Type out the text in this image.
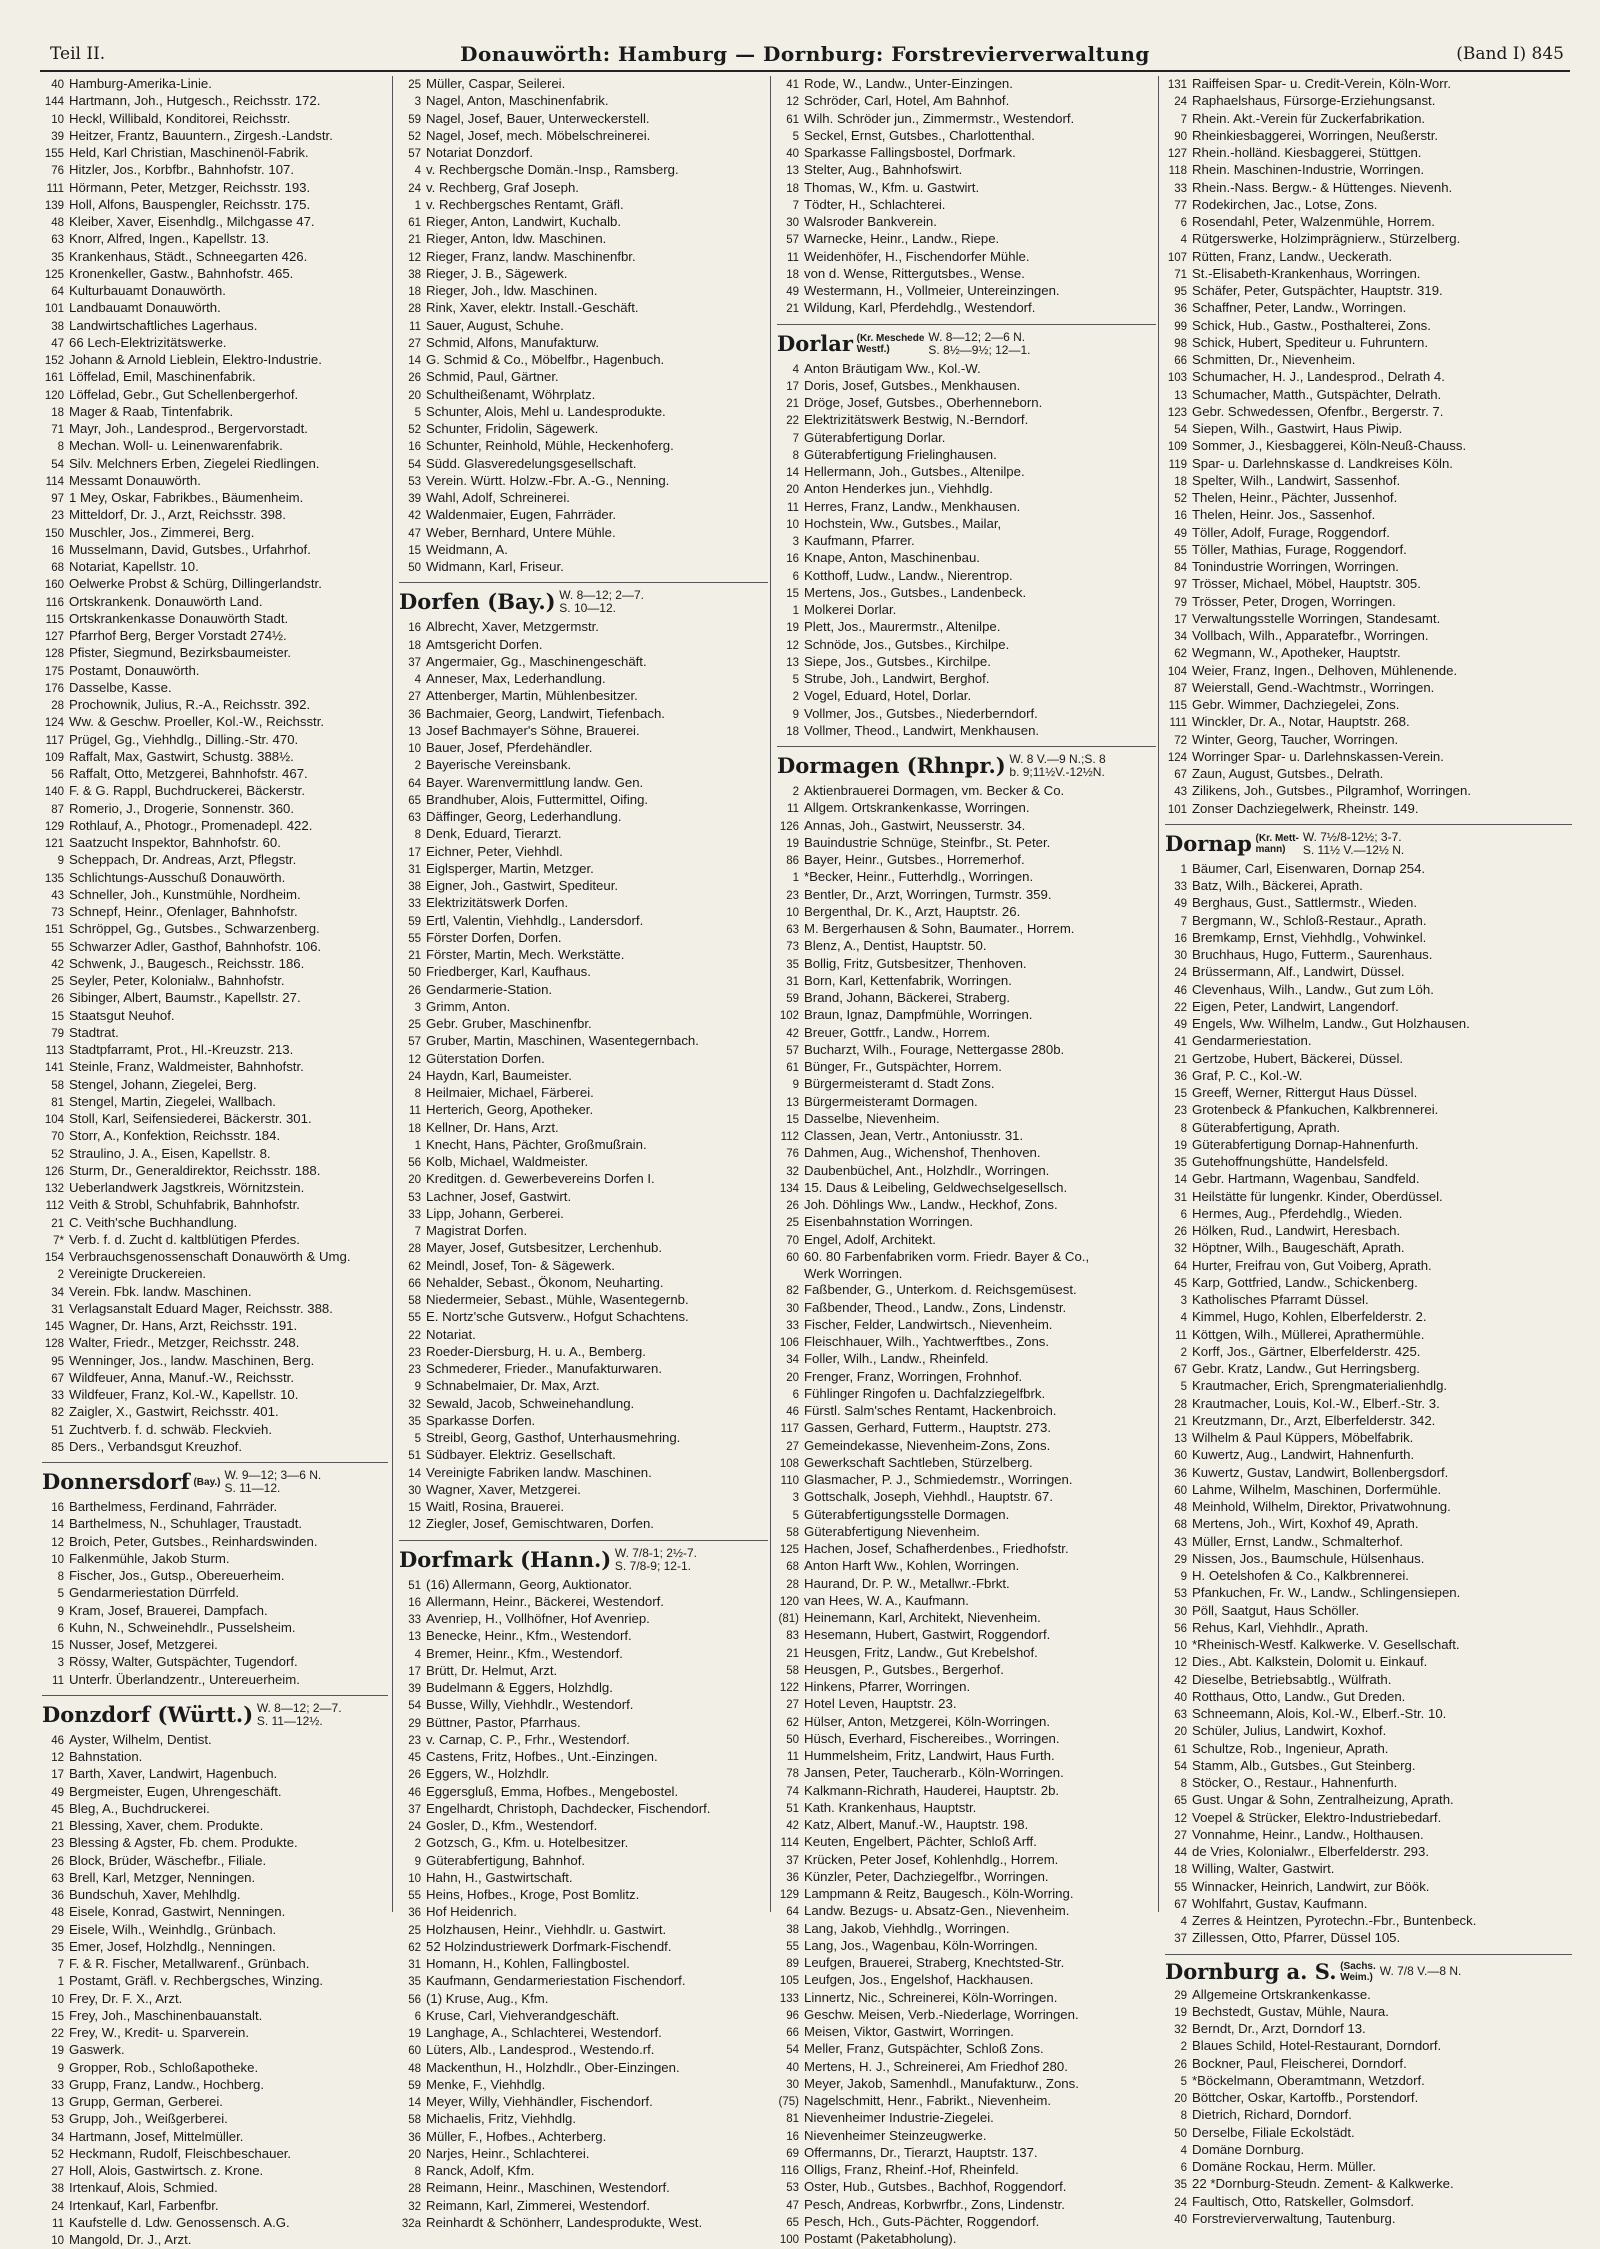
Teil II.	Donauwörth: Hamburg — Dornburg: Forstrevierverwaltung	(Band I) 845
40 Hamburg-Amerika-Linie.
144 Hartmann, Joh., Hutgesch., Reichsstr. 172.
10 Heckl, Willibald, Konditorei, Reichsstr.
39 Heitzer, Frantz, Bauuntern., Zirgesh.-Landstr.
155 Held, Karl Christian, Maschinenöl-Fabrik.
76 Hitzler, Jos., Korbfbr., Bahnhofstr. 107.
111 Hörmann, Peter, Metzger, Reichsstr. 193.
139 Holl, Alfons, Bauspengler, Reichsstr. 175.
48 Kleiber, Xaver, Eisenhdlg., Milchgasse 47.
63 Knorr, Alfred, Ingen., Kapellstr. 13.
35 Krankenhaus, Städt., Schneegarten 426.
125 Kronenkeller, Gastw., Bahnhofstr. 465.
64 Kulturbauamt Donauwörth.
101 Landbauamt Donauwörth.
38 Landwirtschaftliches Lagerhaus.
47 66 Lech-Elektrizitätswerke.
152 Johann & Arnold Lieblein, Elektro-Industrie.
161 Löffelad, Emil, Maschinenfabrik.
120 Löffelad, Gebr., Gut Schellenbergerhof.
18 Mager & Raab, Tintenfabrik.
71 Mayr, Joh., Landesprod., Bergervorstadt.
8 Mechan. Woll- u. Leinenwarenfabrik.
54 Silv. Melchners Erben, Ziegelei Riedlingen.
114 Messamt Donauwörth.
97 1 Mey, Oskar, Fabrikbes., Bäumenheim.
23 Mitteldorf, Dr. J., Arzt, Reichsstr. 398.
150 Muschler, Jos., Zimmerei, Berg.
16 Musselmann, David, Gutsbes., Urfahrhof.
68 Notariat, Kapellstr. 10.
160 Oelwerke Probst & Schürg, Dillingerlandstr.
116 Ortskrankenk. Donauwörth Land.
115 Ortskrankenkasse Donauwörth Stadt.
127 Pfarrhof Berg, Berger Vorstadt 274½.
128 Pfister, Siegmund, Bezirksbaumeister.
175 Postamt, Donauwörth.
176 Dasselbe, Kasse.
28 Prochownik, Julius, R.-A., Reichsstr. 392.
124 Ww. & Geschw. Proeller, Kol.-W., Reichsstr.
117 Prügel, Gg., Viehhdlg., Dilling.-Str. 470.
109 Raffalt, Max, Gastwirt, Schustg. 388½.
56 Raffalt, Otto, Metzgerei, Bahnhofstr. 467.
140 F. & G. Rappl, Buchdruckerei, Bäckerstr.
87 Romerio, J., Drogerie, Sonnenstr. 360.
129 Rothlauf, A., Photogr., Promenadepl. 422.
121 Saatzucht Inspektor, Bahnhofstr. 60.
9 Scheppach, Dr. Andreas, Arzt, Pflegstr.
135 Schlichtungs-Ausschuß Donauwörth.
43 Schneller, Joh., Kunstmühle, Nordheim.
73 Schnepf, Heinr., Ofenlager, Bahnhofstr.
151 Schröppel, Gg., Gutsbes., Schwarzenberg.
55 Schwarzer Adler, Gasthof, Bahnhofstr. 106.
42 Schwenk, J., Baugesch., Reichsstr. 186.
25 Seyler, Peter, Kolonialw., Bahnhofstr.
26 Sibinger, Albert, Baumstr., Kapellstr. 27.
15 Staatsgut Neuhof.
79 Stadtrat.
113 Stadtpfarramt, Prot., Hl.-Kreuzstr. 213.
141 Steinle, Franz, Waldmeister, Bahnhofstr.
58 Stengel, Johann, Ziegelei, Berg.
81 Stengel, Martin, Ziegelei, Wallbach.
104 Stoll, Karl, Seifensiederei, Bäckerstr. 301.
70 Storr, A., Konfektion, Reichsstr. 184.
52 Straulino, J. A., Eisen, Kapellstr. 8.
126 Sturm, Dr., Generaldirektor, Reichsstr. 188.
132 Ueberlandwerk Jagstkreis, Wörnitzstein.
112 Veith & Strobl, Schuhfabrik, Bahnhofstr.
21 C. Veith'sche Buchhandlung.
7* Verb. f. d. Zucht d. kaltblütigen Pferdes.
154 Verbrauchsgenossenschaft Donauwörth & Umg.
2 Vereinigte Druckereien.
34 Verein. Fbk. landw. Maschinen.
31 Verlagsanstalt Eduard Mager, Reichsstr. 388.
145 Wagner, Dr. Hans, Arzt, Reichsstr. 191.
128 Walter, Friedr., Metzger, Reichsstr. 248.
95 Wenninger, Jos., landw. Maschinen, Berg.
67 Wildfeuer, Anna, Manuf.-W., Reichsstr.
33 Wildfeuer, Franz, Kol.-W., Kapellstr. 10.
82 Zaigler, X., Gastwirt, Reichsstr. 401.
51 Zuchtverb. f. d. schwäb. Fleckvieh.
85 Ders., Verbandsgut Kreuzhof.
Donnersdorf (Bay.) W. 9—12; 3—6 N.
S. 11—12.
16 Barthelmess, Ferdinand, Fahrräder.
14 Barthelmess, N., Schuhlager, Traustadt.
12 Broich, Peter, Gutsbes., Reinhardswinden.
10 Falkenmühle, Jakob Sturm.
8 Fischer, Jos., Gutsp., Obereuerheim.
5 Gendarmeriestation Dürrfeld.
9 Kram, Josef, Brauerei, Dampfach.
6 Kuhn, N., Schweinehdlr., Pusselsheim.
15 Nusser, Josef, Metzgerei.
3 Rössy, Walter, Gutspächter, Tugendorf.
11 Unterfr. Überlandzentr., Untereuerheim.
Donzdorf (Württ.) W. 8—12; 2—7.
S. 11—12½.
46 Ayster, Wilhelm, Dentist.
12 Bahnstation.
17 Barth, Xaver, Landwirt, Hagenbuch.
49 Bergmeister, Eugen, Uhrengeschäft.
45 Bleg, A., Buchdruckerei.
21 Blessing, Xaver, chem. Produkte.
23 Blessing & Agster, Fb. chem. Produkte.
26 Block, Brüder, Wäschefbr., Filiale.
63 Brell, Karl, Metzger, Nenningen.
36 Bundschuh, Xaver, Mehlhdlg.
48 Eisele, Konrad, Gastwirt, Nenningen.
29 Eisele, Wilh., Weinhdlg., Grünbach.
35 Emer, Josef, Holzhdlg., Nenningen.
7 F. & R. Fischer, Metallwarenf., Grünbach.
1 Postamt, Gräfl. v. Rechbergsches, Winzing.
10 Frey, Dr. F. X., Arzt.
15 Frey, Joh., Maschinenbauanstalt.
22 Frey, W., Kredit- u. Sparverein.
19 Gaswerk.
9 Gropper, Rob., Schloßapotheke.
33 Grupp, Franz, Landw., Hochberg.
13 Grupp, German, Gerberei.
53 Grupp, Joh., Weißgerberei.
34 Hartmann, Josef, Mittelmüller.
52 Heckmann, Rudolf, Fleischbeschauer.
27 Holl, Alois, Gastwirtsch. z. Krone.
38 Irtenkauf, Alois, Schmied.
24 Irtenkauf, Karl, Farbenfbr.
11 Kaufstelle d. Ldw. Genossensch. A.G.
10 Mangold, Dr. J., Arzt.
25 Müller, Caspar, Seilerei.
3 Nagel, Anton, Maschinenfabrik.
59 Nagel, Josef, Bauer, Unterweckerstell.
52 Nagel, Josef, mech. Möbelschreinerei.
57 Notariat Donzdorf.
4 v. Rechbergsche Domän.-Insp., Ramsberg.
24 v. Rechberg, Graf Joseph.
1 v. Rechbergsches Rentamt, Gräfl.
61 Rieger, Anton, Landwirt, Kuchalb.
21 Rieger, Anton, ldw. Maschinen.
12 Rieger, Franz, landw. Maschinenfbr.
38 Rieger, J. B., Sägewerk.
18 Rieger, Joh., ldw. Maschinen.
28 Rink, Xaver, elektr. Install.-Geschäft.
11 Sauer, August, Schuhe.
27 Schmid, Alfons, Manufakturw.
14 G. Schmid & Co., Möbelfbr., Hagenbuch.
26 Schmid, Paul, Gärtner.
20 Schultheißenamt, Wöhrplatz.
5 Schunter, Alois, Mehl u. Landesprodukte.
52 Schunter, Fridolin, Sägewerk.
16 Schunter, Reinhold, Mühle, Heckenhoferg.
54 Südd. Glasveredelungsgesellschaft.
53 Verein. Württ. Holzw.-Fbr. A.-G., Nenning.
39 Wahl, Adolf, Schreinerei.
42 Waldenmaier, Eugen, Fahrräder.
47 Weber, Bernhard, Untere Mühle.
15 Weidmann, A.
50 Widmann, Karl, Friseur.
Dorfen (Bay.) W. 8—12; 2—7.
S. 10—12.
16 Albrecht, Xaver, Metzgermstr.
18 Amtsgericht Dorfen.
37 Angermaier, Gg., Maschinengeschäft.
4 Anneser, Max, Lederhandlung.
27 Attenberger, Martin, Mühlenbesitzer.
36 Bachmaier, Georg, Landwirt, Tiefenbach.
13 Josef Bachmayer's Söhne, Brauerei.
10 Bauer, Josef, Pferdehändler.
2 Bayerische Vereinsbank.
64 Bayer. Warenvermittlung landw. Gen.
65 Brandhuber, Alois, Futtermittel, Oifing.
63 Däffinger, Georg, Lederhandlung.
8 Denk, Eduard, Tierarzt.
17 Eichner, Peter, Viehhdl.
31 Eiglsperger, Martin, Metzger.
38 Eigner, Joh., Gastwirt, Spediteur.
33 Elektrizitätswerk Dorfen.
59 Ertl, Valentin, Viehhdlg., Landersdorf.
55 Förster Dorfen, Dorfen.
21 Förster, Martin, Mech. Werkstätte.
50 Friedberger, Karl, Kaufhaus.
26 Gendarmerie-Station.
3 Grimm, Anton.
25 Gebr. Gruber, Maschinenfbr.
57 Gruber, Martin, Maschinen, Wasentegernbach.
12 Güterstation Dorfen.
24 Haydn, Karl, Baumeister.
8 Heilmaier, Michael, Färberei.
11 Herterich, Georg, Apotheker.
18 Kellner, Dr. Hans, Arzt.
1 Knecht, Hans, Pächter, Großmußrain.
56 Kolb, Michael, Waldmeister.
20 Kreditgen. d. Gewerbevereins Dorfen I.
53 Lachner, Josef, Gastwirt.
33 Lipp, Johann, Gerberei.
7 Magistrat Dorfen.
28 Mayer, Josef, Gutsbesitzer, Lerchenhub.
62 Meindl, Josef, Ton- & Sägewerk.
66 Nehalder, Sebast., Ökonom, Neuharting.
58 Niedermeier, Sebast., Mühle, Wasentegernb.
55 E. Nortz'sche Gutsverw., Hofgut Schachtens.
22 Notariat.
23 Roeder-Diersburg, H. u. A., Bemberg.
23 Schmederer, Frieder., Manufakturwaren.
9 Schnabelmaier, Dr. Max, Arzt.
32 Sewald, Jacob, Schweinehandlung.
35 Sparkasse Dorfen.
5 Streibl, Georg, Gasthof, Unterhausmehring.
51 Südbayer. Elektriz. Gesellschaft.
14 Vereinigte Fabriken landw. Maschinen.
30 Wagner, Xaver, Metzgerei.
15 Waitl, Rosina, Brauerei.
12 Ziegler, Josef, Gemischtwaren, Dorfen.
Dorfmark (Hann.) W. 7/8-1; 2½-7.
S. 7/8-9; 12-1.
51 (16) Allermann, Georg, Auktionator.
16 Allermann, Heinr., Bäckerei, Westendorf.
33 Avenriep, H., Vollhöfner, Hof Avenriep.
13 Benecke, Heinr., Kfm., Westendorf.
4 Bremer, Heinr., Kfm., Westendorf.
17 Brütt, Dr. Helmut, Arzt.
39 Budelmann & Eggers, Holzhdlg.
54 Busse, Willy, Viehhdlr., Westendorf.
29 Büttner, Pastor, Pfarrhaus.
23 v. Carnap, C. P., Frhr., Westendorf.
45 Castens, Fritz, Hofbes., Unt.-Einzingen.
26 Eggers, W., Holzhdlr.
46 Eggersgluß, Emma, Hofbes., Mengebostel.
37 Engelhardt, Christoph, Dachdecker, Fischendorf.
24 Gosler, D., Kfm., Westendorf.
2 Gotzsch, G., Kfm. u. Hotelbesitzer.
9 Güterabfertigung, Bahnhof.
10 Hahn, H., Gastwirtschaft.
55 Heins, Hofbes., Kroge, Post Bomlitz.
36 Hof Heidenrich.
25 Holzhausen, Heinr., Viehhdlr. u. Gastwirt.
62 52 Holzindustriewerk Dorfmark-Fischendf.
31 Homann, H., Kohlen, Fallingbostel.
35 Kaufmann, Gendarmeriestation Fischendorf.
56 (1) Kruse, Aug., Kfm.
6 Kruse, Carl, Viehverandgeschäft.
19 Langhage, A., Schlachterei, Westendorf.
60 Lüters, Alb., Landesprod., Westendo.rf.
48 Mackenthun, H., Holzhdlr., Ober-Einzingen.
59 Menke, F., Viehhdlg.
14 Meyer, Willy, Viehhändler, Fischendorf.
58 Michaelis, Fritz, Viehhdlg.
36 Müller, F., Hofbes., Achterberg.
20 Narjes, Heinr., Schlachterei.
8 Ranck, Adolf, Kfm.
28 Reimann, Heinr., Maschinen, Westendorf.
32 Reimann, Karl, Zimmerei, Westendorf.
32a Reinhardt & Schönherr, Landesprodukte, West.
41 Rode, W., Landw., Unter-Einzingen.
12 Schröder, Carl, Hotel, Am Bahnhof.
61 Wilh. Schröder jun., Zimmermstr., Westendorf.
5 Seckel, Ernst, Gutsbes., Charlottenthal.
40 Sparkasse Fallingsbostel, Dorfmark.
13 Stelter, Aug., Bahnhofswirt.
18 Thomas, W., Kfm. u. Gastwirt.
7 Tödter, H., Schlachterei.
30 Walsroder Bankverein.
57 Warnecke, Heinr., Landw., Riepe.
11 Weidenhöfer, H., Fischendorfer Mühle.
18 von d. Wense, Rittergutsbes., Wense.
49 Westermann, H., Vollmeier, Untereinzingen.
21 Wildung, Karl, Pferdehdlg., Westendorf.
Dorlar (Kr. Meschede
Westf.)W. 8—12; 2—6 N.
S. 8½—9½; 12—1.
4 Anton Bräutigam Ww., Kol.-W.
17 Doris, Josef, Gutsbes., Menkhausen.
21 Dröge, Josef, Gutsbes., Oberhenneborn.
22 Elektrizitätswerk Bestwig, N.-Berndorf.
7 Güterabfertigung Dorlar.
8 Güterabfertigung Frielinghausen.
14 Hellermann, Joh., Gutsbes., Altenilpe.
20 Anton Henderkes jun., Viehhdlg.
11 Herres, Franz, Landw., Menkhausen.
10 Hochstein, Ww., Gutsbes., Mailar,
3 Kaufmann, Pfarrer.
16 Knape, Anton, Maschinenbau.
6 Kotthoff, Ludw., Landw., Nierentrop.
15 Mertens, Jos., Gutsbes., Landenbeck.
1 Molkerei Dorlar.
19 Plett, Jos., Maurermstr., Altenilpe.
12 Schnöde, Jos., Gutsbes., Kirchilpe.
13 Siepe, Jos., Gutsbes., Kirchilpe.
5 Strube, Joh., Landwirt, Berghof.
2 Vogel, Eduard, Hotel, Dorlar.
9 Vollmer, Jos., Gutsbes., Niederberndorf.
18 Vollmer, Theod., Landwirt, Menkhausen.
Dormagen (Rhnpr.) W. 8 V.—9 N.;S. 8
b. 9;11½V.-12½N.
2 Aktienbrauerei Dormagen, vm. Becker & Co.
11 Allgem. Ortskrankenkasse, Worringen.
126 Annas, Joh., Gastwirt, Neusserstr. 34.
19 Bauindustrie Schnüge, Steinfbr., St. Peter.
86 Bayer, Heinr., Gutsbes., Horremerhof.
1 *Becker, Heinr., Futterhdlg., Worringen.
23 Bentler, Dr., Arzt, Worringen, Turmstr. 359.
10 Bergenthal, Dr. K., Arzt, Hauptstr. 26.
63 M. Bergerhausen & Sohn, Baumater., Horrem.
73 Blenz, A., Dentist, Hauptstr. 50.
35 Bollig, Fritz, Gutsbesitzer, Thenhoven.
31 Born, Karl, Kettenfabrik, Worringen.
59 Brand, Johann, Bäckerei, Straberg.
102 Braun, Ignaz, Dampfmühle, Worringen.
42 Breuer, Gottfr., Landw., Horrem.
57 Bucharzt, Wilh., Fourage, Nettergasse 280b.
61 Bünger, Fr., Gutspächter, Horrem.
9 Bürgermeisteramt d. Stadt Zons.
13 Bürgermeisteramt Dormagen.
15 Dasselbe, Nievenheim.
112 Classen, Jean, Vertr., Antoniusstr. 31.
76 Dahmen, Aug., Wichenshof, Thenhoven.
32 Daubenbüchel, Ant., Holzhdlr., Worringen.
134 15. Daus & Leibeling, Geldwechselgesellsch.
26 Joh. Döhlings Ww., Landw., Heckhof, Zons.
25 Eisenbahnstation Worringen.
70 Engel, Adolf, Architekt.
60 60. 80 Farbenfabriken vorm. Friedr. Bayer & Co.,
Werk Worringen.
82 Faßbender, G., Unterkom. d. Reichsgemüsest.
30 Faßbender, Theod., Landw., Zons, Lindenstr.
33 Fischer, Felder, Landwirtsch., Nievenheim.
106 Fleischhauer, Wilh., Yachtwerftbes., Zons.
34 Foller, Wilh., Landw., Rheinfeld.
20 Frenger, Franz, Worringen, Frohnhof.
6 Fühlinger Ringofen u. Dachfalzziegelfbrk.
46 Fürstl. Salm'sches Rentamt, Hackenbroich.
117 Gassen, Gerhard, Futterm., Hauptstr. 273.
27 Gemeindekasse, Nievenheim-Zons, Zons.
108 Gewerkschaft Sachtleben, Stürzelberg.
110 Glasmacher, P. J., Schmiedemstr., Worringen.
3 Gottschalk, Joseph, Viehhdl., Hauptstr. 67.
5 Güterabfertigungsstelle Dormagen.
58 Güterabfertigung Nievenheim.
125 Hachen, Josef, Schafherdenbes., Friedhofstr.
68 Anton Harft Ww., Kohlen, Worringen.
28 Haurand, Dr. P. W., Metallwr.-Fbrkt.
120 van Hees, W. A., Kaufmann.
(81) Heinemann, Karl, Architekt, Nievenheim.
83 Hesemann, Hubert, Gastwirt, Roggendorf.
21 Heusgen, Fritz, Landw., Gut Krebelshof.
58 Heusgen, P., Gutsbes., Bergerhof.
122 Hinkens, Pfarrer, Worringen.
27 Hotel Leven, Hauptstr. 23.
62 Hülser, Anton, Metzgerei, Köln-Worringen.
50 Hüsch, Everhard, Fischereibes., Worringen.
11 Hummelsheim, Fritz, Landwirt, Haus Furth.
78 Jansen, Peter, Taucherarb., Köln-Worringen.
74 Kalkmann-Richrath, Hauderei, Hauptstr. 2b.
51 Kath. Krankenhaus, Hauptstr.
42 Katz, Albert, Manuf.-W., Hauptstr. 198.
114 Keuten, Engelbert, Pächter, Schloß Arff.
37 Krücken, Peter Josef, Kohlenhdlg., Horrem.
36 Künzler, Peter, Dachziegelfbr., Worringen.
129 Lampmann & Reitz, Baugesch., Köln-Worring.
64 Landw. Bezugs- u. Absatz-Gen., Nievenheim.
38 Lang, Jakob, Viehhdlg., Worringen.
55 Lang, Jos., Wagenbau, Köln-Worringen.
89 Leufgen, Brauerei, Straberg, Knechtsted-Str.
105 Leufgen, Jos., Engelshof, Hackhausen.
133 Linnertz, Nic., Schreinerei, Köln-Worringen.
96 Geschw. Meisen, Verb.-Niederlage, Worringen.
66 Meisen, Viktor, Gastwirt, Worringen.
54 Meller, Franz, Gutspächter, Schloß Zons.
40 Mertens, H. J., Schreinerei, Am Friedhof 280.
30 Meyer, Jakob, Samenhdl., Manufakturw., Zons.
(75) Nagelschmitt, Henr., Fabrikt., Nievenheim.
81 Nievenheimer Industrie-Ziegelei.
16 Nievenheimer Steinzeugwerke.
69 Offermanns, Dr., Tierarzt, Hauptstr. 137.
116 Olligs, Franz, Rheinf.-Hof, Rheinfeld.
53 Oster, Hub., Gutsbes., Bachhof, Roggendorf.
47 Pesch, Andreas, Korbwrfbr., Zons, Lindenstr.
65 Pesch, Hch., Guts-Pächter, Roggendorf.
100 Postamt (Paketabholung).
131 Raiffeisen Spar- u. Credit-Verein, Köln-Worr.
24 Raphaelshaus, Fürsorge-Erziehungsanst.
7 Rhein. Akt.-Verein für Zuckerfabrikation.
90 Rheinkiesbaggerei, Worringen, Neußerstr.
127 Rhein.-holländ. Kiesbaggerei, Stüttgen.
118 Rhein. Maschinen-Industrie, Worringen.
33 Rhein.-Nass. Bergw.- & Hüttenges. Nievenh.
77 Rodekirchen, Jac., Lotse, Zons.
6 Rosendahl, Peter, Walzenmühle, Horrem.
4 Rütgerswerke, Holzimprägnierw., Stürzelberg.
107 Rütten, Franz, Landw., Ueckerath.
71 St.-Elisabeth-Krankenhaus, Worringen.
95 Schäfer, Peter, Gutspächter, Hauptstr. 319.
36 Schaffner, Peter, Landw., Worringen.
99 Schick, Hub., Gastw., Posthalterei, Zons.
98 Schick, Hubert, Spediteur u. Fuhruntern.
66 Schmitten, Dr., Nievenheim.
103 Schumacher, H. J., Landesprod., Delrath 4.
13 Schumacher, Matth., Gutspächter, Delrath.
123 Gebr. Schwedessen, Ofenfbr., Bergerstr. 7.
54 Siepen, Wilh., Gastwirt, Haus Piwip.
109 Sommer, J., Kiesbaggerei, Köln-Neuß-Chauss.
119 Spar- u. Darlehnskasse d. Landkreises Köln.
18 Spelter, Wilh., Landwirt, Sassenhof.
52 Thelen, Heinr., Pächter, Jussenhof.
16 Thelen, Heinr. Jos., Sassenhof.
49 Töller, Adolf, Furage, Roggendorf.
55 Töller, Mathias, Furage, Roggendorf.
84 Tonindustrie Worringen, Worringen.
97 Trösser, Michael, Möbel, Hauptstr. 305.
79 Trösser, Peter, Drogen, Worringen.
17 Verwaltungsstelle Worringen, Standesamt.
34 Vollbach, Wilh., Apparatefbr., Worringen.
62 Wegmann, W., Apotheker, Hauptstr.
104 Weier, Franz, Ingen., Delhoven, Mühlenende.
87 Weierstall, Gend.-Wachtmstr., Worringen.
115 Gebr. Wimmer, Dachziegelei, Zons.
111 Winckler, Dr. A., Notar, Hauptstr. 268.
72 Winter, Georg, Taucher, Worringen.
124 Worringer Spar- u. Darlehnskassen-Verein.
67 Zaun, August, Gutsbes., Delrath.
43 Zilikens, Joh., Gutsbes., Pilgramhof, Worringen.
101 Zonser Dachziegelwerk, Rheinstr. 149.
Dornap (Kr. Mett-
mann)W. 7½/8-12½; 3-7.
S. 11½ V.—12½ N.
1 Bäumer, Carl, Eisenwaren, Dornap 254.
33 Batz, Wilh., Bäckerei, Aprath.
49 Berghaus, Gust., Sattlermstr., Wieden.
7 Bergmann, W., Schloß-Restaur., Aprath.
16 Bremkamp, Ernst, Viehhdlg., Vohwinkel.
30 Bruchhaus, Hugo, Futterm., Saurenhaus.
24 Brüssermann, Alf., Landwirt, Düssel.
46 Clevenhaus, Wilh., Landw., Gut zum Löh.
22 Eigen, Peter, Landwirt, Langendorf.
49 Engels, Ww. Wilhelm, Landw., Gut Holzhausen.
41 Gendarmeriestation.
21 Gertzobe, Hubert, Bäckerei, Düssel.
36 Graf, P. C., Kol.-W.
15 Greeff, Werner, Rittergut Haus Düssel.
23 Grotenbeck & Pfankuchen, Kalkbrennerei.
8 Güterabfertigung, Aprath.
19 Güterabfertigung Dornap-Hahnenfurth.
35 Gutehoffnungshütte, Handelsfeld.
14 Gebr. Hartmann, Wagenbau, Sandfeld.
31 Heilstätte für lungenkr. Kinder, Oberdüssel.
6 Hermes, Aug., Pferdehdlg., Wieden.
26 Hölken, Rud., Landwirt, Heresbach.
32 Höptner, Wilh., Baugeschäft, Aprath.
64 Hurter, Freifrau von, Gut Voiberg, Aprath.
45 Karp, Gottfried, Landw., Schickenberg.
3 Katholisches Pfarramt Düssel.
4 Kimmel, Hugo, Kohlen, Elberfelderstr. 2.
11 Köttgen, Wilh., Müllerei, Aprathermühle.
2 Korff, Jos., Gärtner, Elberfelderstr. 425.
67 Gebr. Kratz, Landw., Gut Herringsberg.
5 Krautmacher, Erich, Sprengmaterialienhdlg.
28 Krautmacher, Louis, Kol.-W., Elberf.-Str. 3.
21 Kreutzmann, Dr., Arzt, Elberfelderstr. 342.
13 Wilhelm & Paul Küppers, Möbelfabrik.
60 Kuwertz, Aug., Landwirt, Hahnenfurth.
36 Kuwertz, Gustav, Landwirt, Bollenbergsdorf.
60 Lahme, Wilhelm, Maschinen, Dorfermühle.
48 Meinhold, Wilhelm, Direktor, Privatwohnung.
68 Mertens, Joh., Wirt, Koxhof 49, Aprath.
43 Müller, Ernst, Landw., Schmalterhof.
29 Nissen, Jos., Baumschule, Hülsenhaus.
9 H. Oetelshofen & Co., Kalkbrennerei.
53 Pfankuchen, Fr. W., Landw., Schlingensiepen.
30 Pöll, Saatgut, Haus Schöller.
56 Rehus, Karl, Viehhdlr., Aprath.
10 *Rheinisch-Westf. Kalkwerke. V. Gesellschaft.
12 Dies., Abt. Kalkstein, Dolomit u. Einkauf.
42 Dieselbe, Betriebsabtlg., Wülfrath.
40 Rotthaus, Otto, Landw., Gut Dreden.
63 Schneemann, Alois, Kol.-W., Elberf.-Str. 10.
20 Schüler, Julius, Landwirt, Koxhof.
61 Schultze, Rob., Ingenieur, Aprath.
54 Stamm, Alb., Gutsbes., Gut Steinberg.
8 Stöcker, O., Restaur., Hahnenfurth.
65 Gust. Ungar & Sohn, Zentralheizung, Aprath.
12 Voepel & Strücker, Elektro-Industriebedarf.
27 Vonnahme, Heinr., Landw., Holthausen.
44 de Vries, Kolonialwr., Elberfelderstr. 293.
18 Willing, Walter, Gastwirt.
55 Winnacker, Heinrich, Landwirt, zur Böök.
67 Wohlfahrt, Gustav, Kaufmann.
4 Zerres & Heintzen, Pyrotechn.-Fbr., Buntenbeck.
37 Zillessen, Otto, Pfarrer, Düssel 105.
Dornburg a. S. (Sachs.
Weim.) W. 7/8 V.—8 N.
29 Allgemeine Ortskrankenkasse.
19 Bechstedt, Gustav, Mühle, Naura.
32 Berndt, Dr., Arzt, Dorndorf 13.
2 Blaues Schild, Hotel-Restaurant, Dorndorf.
26 Bockner, Paul, Fleischerei, Dorndorf.
5 *Böckelmann, Oberamtmann, Wetzdorf.
20 Böttcher, Oskar, Kartoffb., Porstendorf.
8 Dietrich, Richard, Dorndorf.
50 Derselbe, Filiale Eckolstädt.
4 Domäne Dornburg.
6 Domäne Rockau, Herm. Müller.
35 22 *Dornburg-Steudn. Zement- & Kalkwerke.
24 Faultisch, Otto, Ratskeller, Golmsdorf.
40 Forstrevierverwaltung, Tautenburg.
